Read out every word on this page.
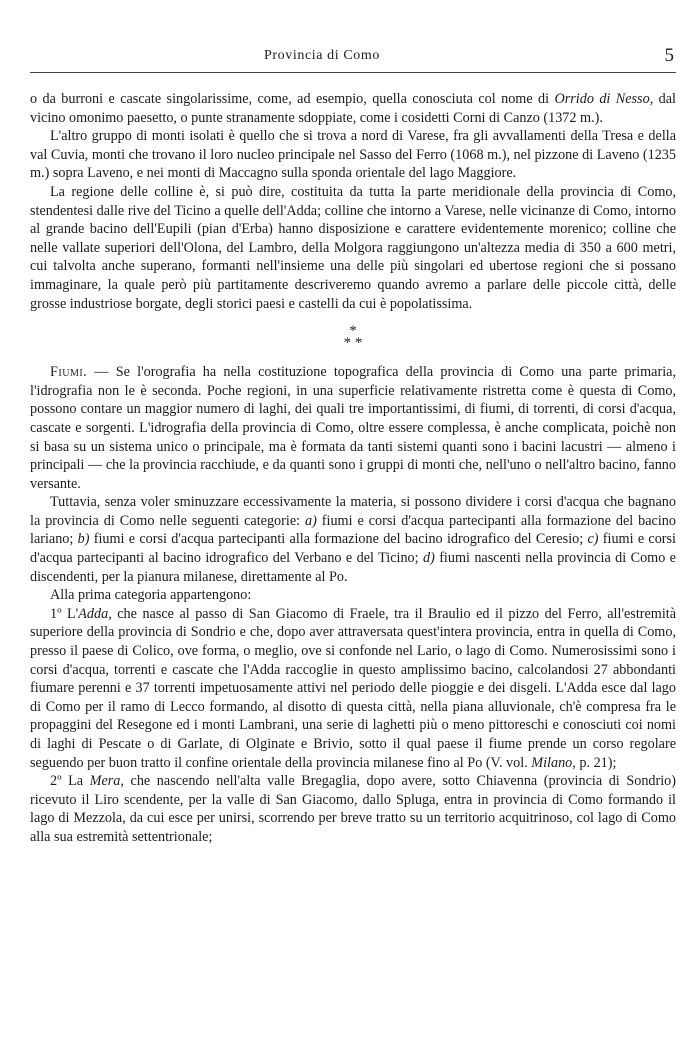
Provincia di Como	5

o da burroni e cascate singolarissime, come, ad esempio, quella conosciuta col nome di Orrido di Nesso, dal vicino omonimo paesetto, o punte stranamente sdoppiate, come i cosidetti Corni di Canzo (1372 m.).

L'altro gruppo di monti isolati è quello che si trova a nord di Varese, fra gli avvallamenti della Tresa e della val Cuvia, monti che trovano il loro nucleo principale nel Sasso del Ferro (1068 m.), nel pizzone di Laveno (1235 m.) sopra Laveno, e nei monti di Maccagno sulla sponda orientale del lago Maggiore.

La regione delle colline è, si può dire, costituita da tutta la parte meridionale della provincia di Como, stendentesi dalle rive del Ticino a quelle dell'Adda; colline che intorno a Varese, nelle vicinanze di Como, intorno al grande bacino dell'Eupili (pian d'Erba) hanno disposizione e carattere evidentemente morenico; colline che nelle vallate superiori dell'Olona, del Lambro, della Molgora raggiungono un'altezza media di 350 a 600 metri, cui talvolta anche superano, formanti nell'insieme una delle più singolari ed ubertose regioni che si possano immaginare, la quale però più partitamente descriveremo quando avremo a parlare delle piccole città, delle grosse industriose borgate, degli storici paesi e castelli da cui è popolatissima.

*
* *

Fiumi. — Se l'orografia ha nella costituzione topografica della provincia di Como una parte primaria, l'idrografia non le è seconda. Poche regioni, in una superficie relativamente ristretta come è questa di Como, possono contare un maggior numero di laghi, dei quali tre importantissimi, di fiumi, di torrenti, di corsi d'acqua, cascate e sorgenti. L'idrografia della provincia di Como, oltre essere complessa, è anche complicata, poichè non si basa su un sistema unico o principale, ma è formata da tanti sistemi quanti sono i bacini lacustri — almeno i principali — che la provincia racchiude, e da quanti sono i gruppi di monti che, nell'uno o nell'altro bacino, fanno versante.

Tuttavia, senza voler sminuzzare eccessivamente la materia, si possono dividere i corsi d'acqua che bagnano la provincia di Como nelle seguenti categorie: a) fiumi e corsi d'acqua partecipanti alla formazione del bacino lariano; b) fiumi e corsi d'acqua partecipanti alla formazione del bacino idrografico del Ceresio; c) fiumi e corsi d'acqua partecipanti al bacino idrografico del Verbano e del Ticino; d) fiumi nascenti nella provincia di Como e discendenti, per la pianura milanese, direttamente al Po.

Alla prima categoria appartengono:

1º L'Adda, che nasce al passo di San Giacomo di Fraele, tra il Braulio ed il pizzo del Ferro, all'estremità superiore della provincia di Sondrio e che, dopo aver attraversata quest'intera provincia, entra in quella di Como, presso il paese di Colico, ove forma, o meglio, ove si confonde nel Lario, o lago di Como. Numerosissimi sono i corsi d'acqua, torrenti e cascate che l'Adda raccoglie in questo amplissimo bacino, calcolandosi 27 abbondanti fiumare perenni e 37 torrenti impetuosamente attivi nel periodo delle pioggie e dei disgeli. L'Adda esce dal lago di Como per il ramo di Lecco formando, al disotto di questa città, nella piana alluvionale, ch'è compresa fra le propaggini del Resegone ed i monti Lambrani, una serie di laghetti più o meno pittoreschi e conosciuti coi nomi di laghi di Pescate o di Garlate, di Olginate e Brivio, sotto il qual paese il fiume prende un corso regolare seguendo per buon tratto il confine orientale della provincia milanese fino al Po (V. vol. Milano, p. 21);

2º La Mera, che nascendo nell'alta valle Bregaglia, dopo avere, sotto Chiavenna (provincia di Sondrio) ricevuto il Liro scendente, per la valle di San Giacomo, dallo Spluga, entra in provincia di Como formando il lago di Mezzola, da cui esce per unirsi, scorrendo per breve tratto su un territorio acquitrinoso, col lago di Como alla sua estremità settentrionale;
